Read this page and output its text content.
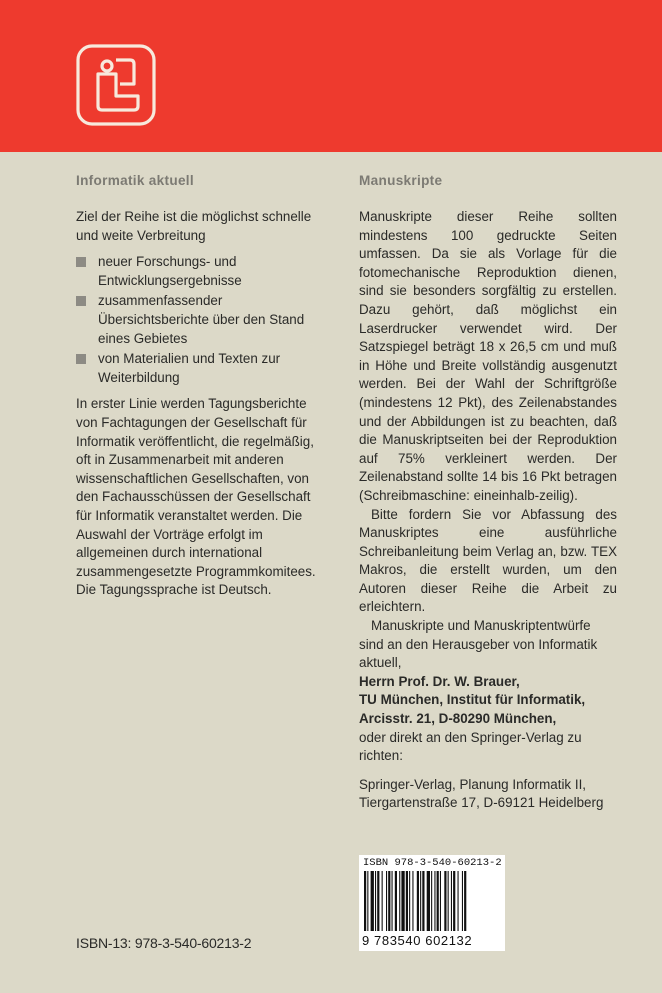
Informatik aktuell

Ziel der Reihe ist die möglichst schnelle und weite Verbreitung

neuer Forschungs- und Entwicklungsergebnisse
zusammenfassender Übersichtsberichte über den Stand eines Gebietes
von Materialien und Texten zur Weiterbildung

In erster Linie werden Tagungsberichte von Fachtagungen der Gesellschaft für Informatik veröffentlicht, die regelmäßig, oft in Zusammenarbeit mit anderen wissenschaftlichen Gesellschaften, von den Fachausschüssen der Gesellschaft für Informatik veranstaltet werden. Die Auswahl der Vorträge erfolgt im allgemeinen durch international zusammengesetzte Programmkomitees. Die Tagungssprache ist Deutsch.

Manuskripte

Manuskripte dieser Reihe sollten mindestens 100 gedruckte Seiten umfassen. Da sie als Vorlage für die fotomechanische Reproduktion dienen, sind sie besonders sorgfältig zu erstellen. Dazu gehört, daß möglichst ein Laserdrucker verwendet wird. Der Satzspiegel beträgt 18 x 26,5 cm und muß in Höhe und Breite vollständig ausgenutzt werden. Bei der Wahl der Schriftgröße (mindestens 12 Pkt), des Zeilenabstandes und der Abbildungen ist zu beachten, daß die Manuskriptseiten bei der Reproduktion auf 75% verkleinert werden. Der Zeilenabstand sollte 14 bis 16 Pkt betragen (Schreibmaschine: eineinhalb-zeilig).

Bitte fordern Sie vor Abfassung des Manuskriptes eine ausführliche Schreibanleitung beim Verlag an, bzw. TEX Makros, die erstellt wurden, um den Autoren dieser Reihe die Arbeit zu erleichtern.

Manuskripte und Manuskriptentwürfe sind an den Herausgeber von Informatik aktuell,

Herrn Prof. Dr. W. Brauer,
TU München, Institut für Informatik,
Arcisstr. 21, D-80290 München,

oder direkt an den Springer-Verlag zu richten:

Springer-Verlag, Planung Informatik II,
Tiergartenstraße 17, D-69121 Heidelberg
ISBN-13: 978-3-540-60213-2
ISBN 978-3-540-60213-2
9 783540 602132
